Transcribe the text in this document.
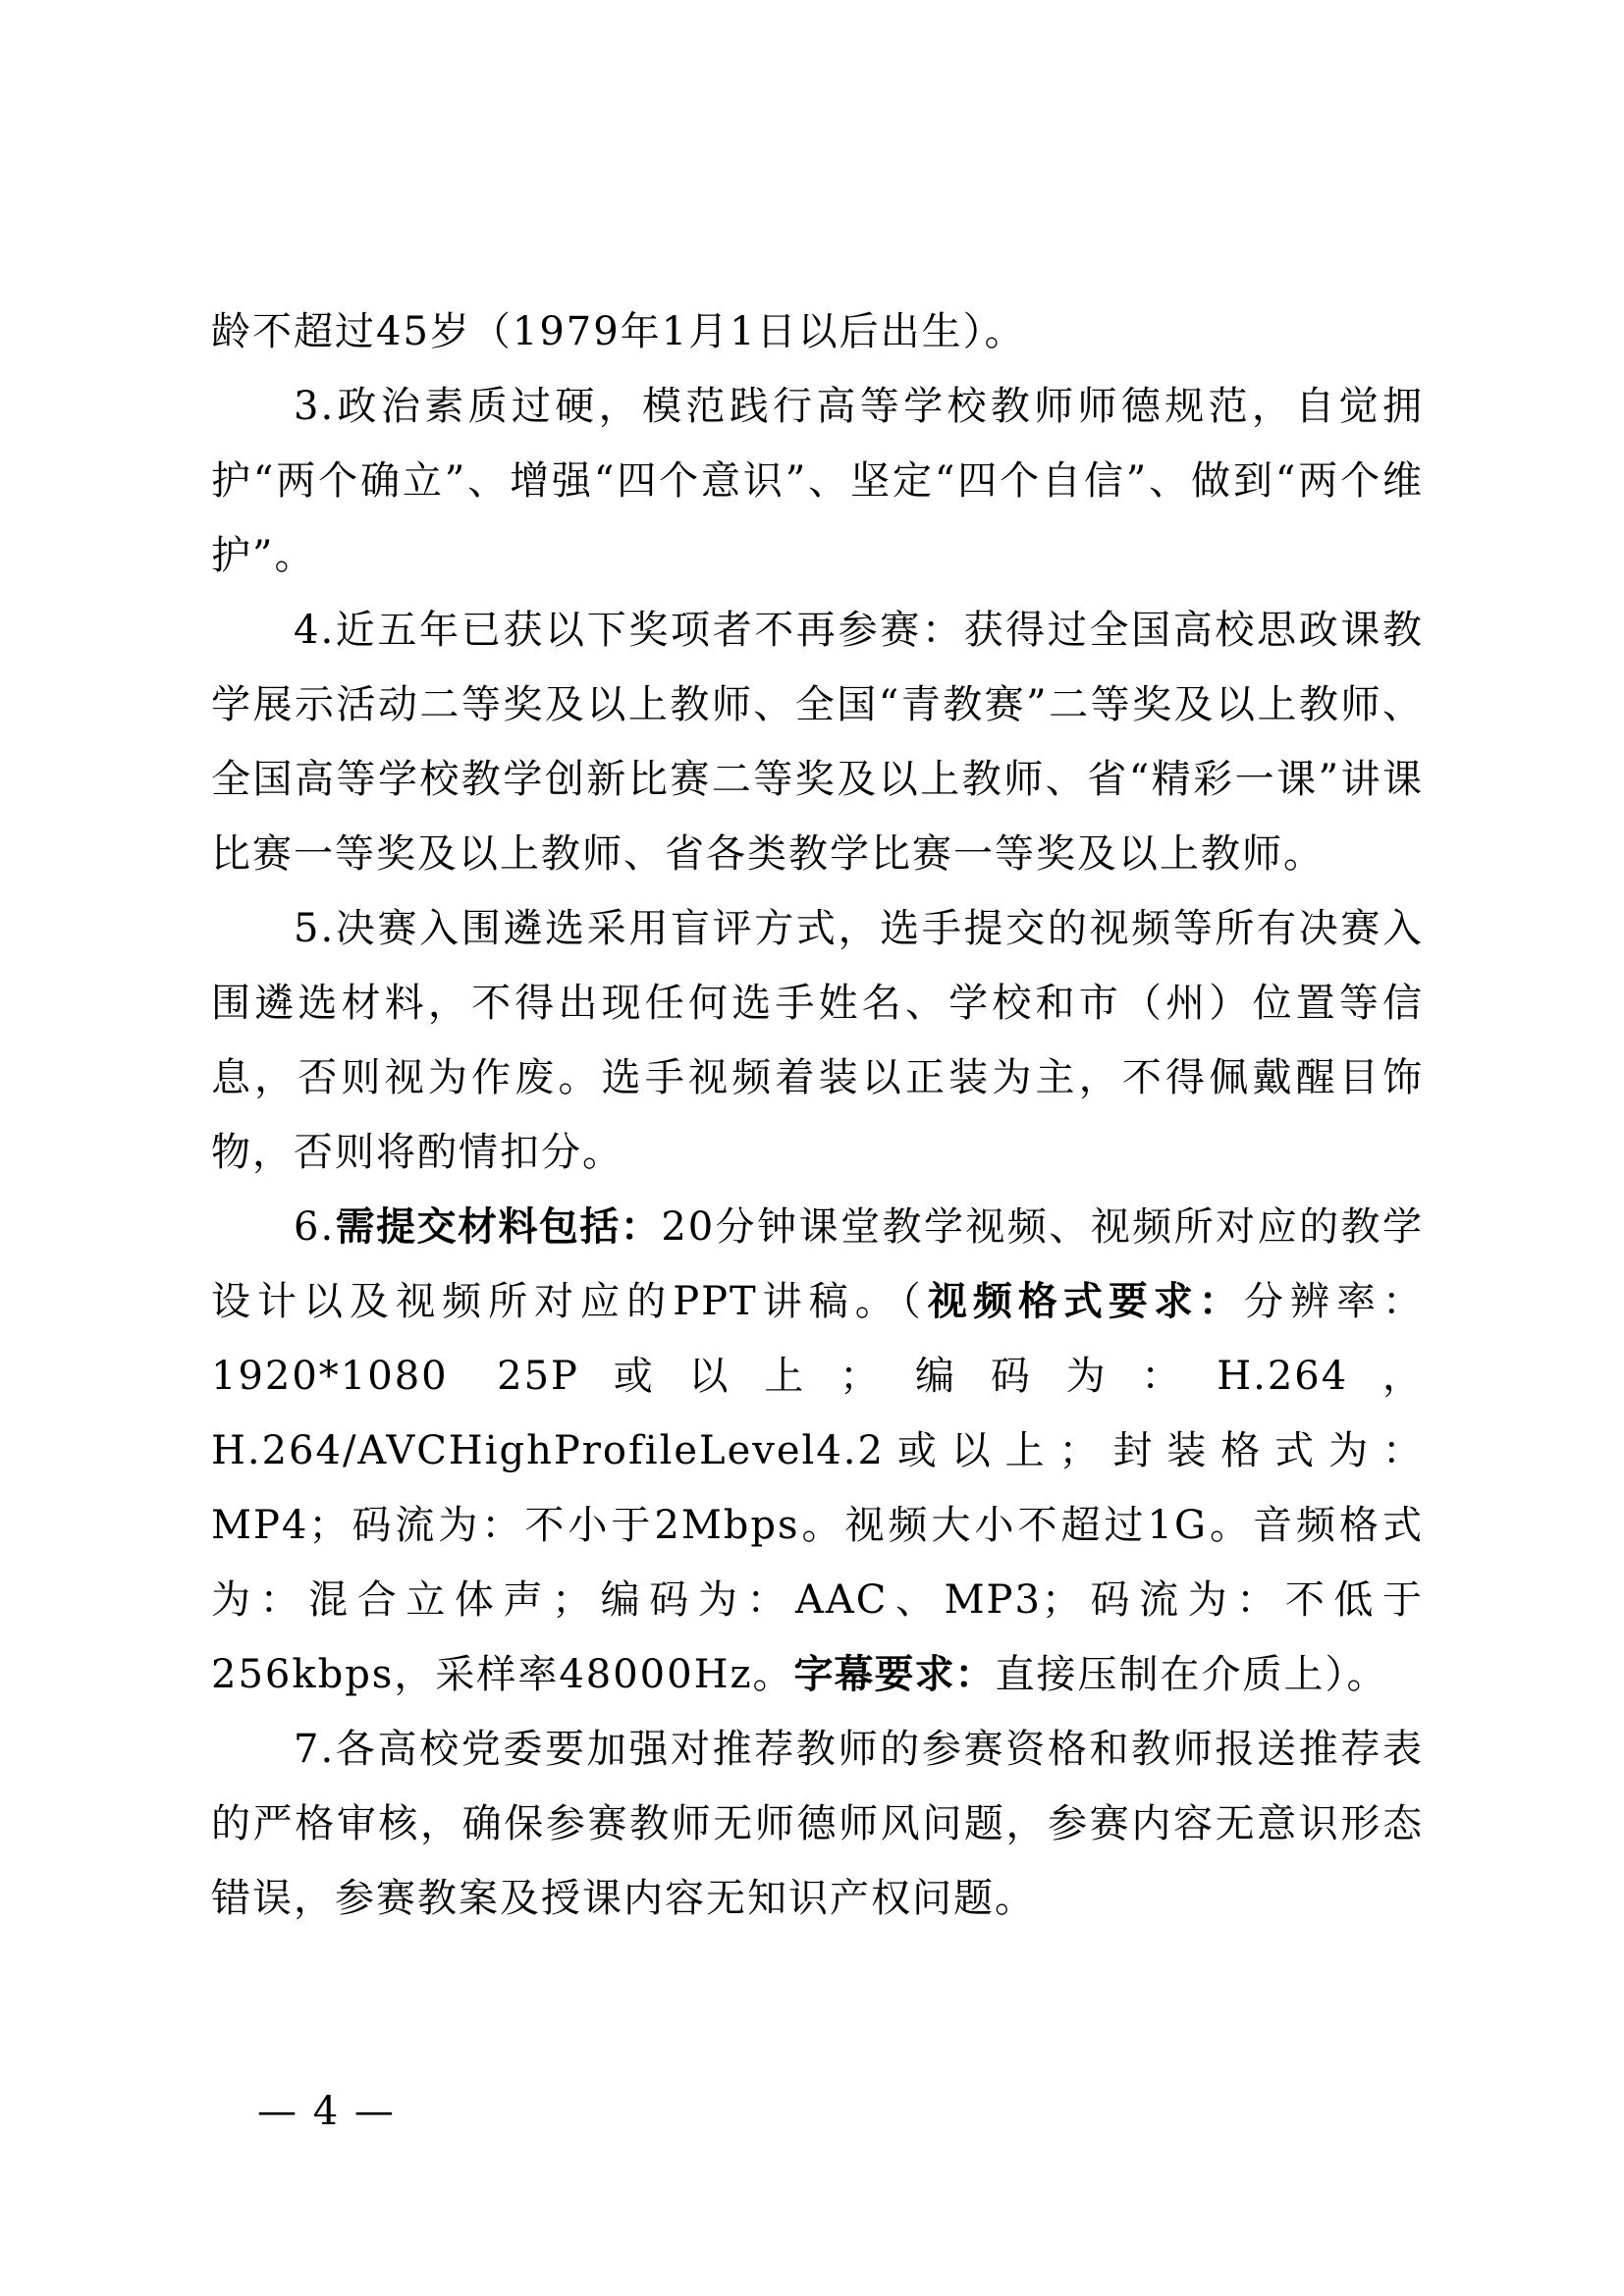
龄不超过45岁（1979年1月1日以后出生）。

3.政治素质过硬，模范践行高等学校教师师德规范，自觉拥护“两个确立”、增强“四个意识”、坚定“四个自信”、做到“两个维护”。

4.近五年已获以下奖项者不再参赛：获得过全国高校思政课教学展示活动二等奖及以上教师、全国“青教赛”二等奖及以上教师、全国高等学校教学创新比赛二等奖及以上教师、省“精彩一课”讲课比赛一等奖及以上教师、省各类教学比赛一等奖及以上教师。

5.决赛入围遴选采用盲评方式，选手提交的视频等所有决赛入围遴选材料，不得出现任何选手姓名、学校和市（州）位置等信息，否则视为作废。选手视频着装以正装为主，不得佩戴醒目饰物，否则将酌情扣分。

6.需提交材料包括：20分钟课堂教学视频、视频所对应的教学设计以及视频所对应的PPT讲稿。（视频格式要求：分辨率：1920*1080 25P或以上；编码为：H.264，H.264/AVCHighProfileLevel4.2或以上；封装格式为：MP4；码流为：不小于2Mbps。视频大小不超过1G。音频格式为：混合立体声；编码为：AAC、MP3；码流为：不低于256kbps，采样率48000Hz。字幕要求：直接压制在介质上）。

7.各高校党委要加强对推荐教师的参赛资格和教师报送推荐表的严格审核，确保参赛教师无师德师风问题，参赛内容无意识形态错误，参赛教案及授课内容无知识产权问题。

— 4 —
